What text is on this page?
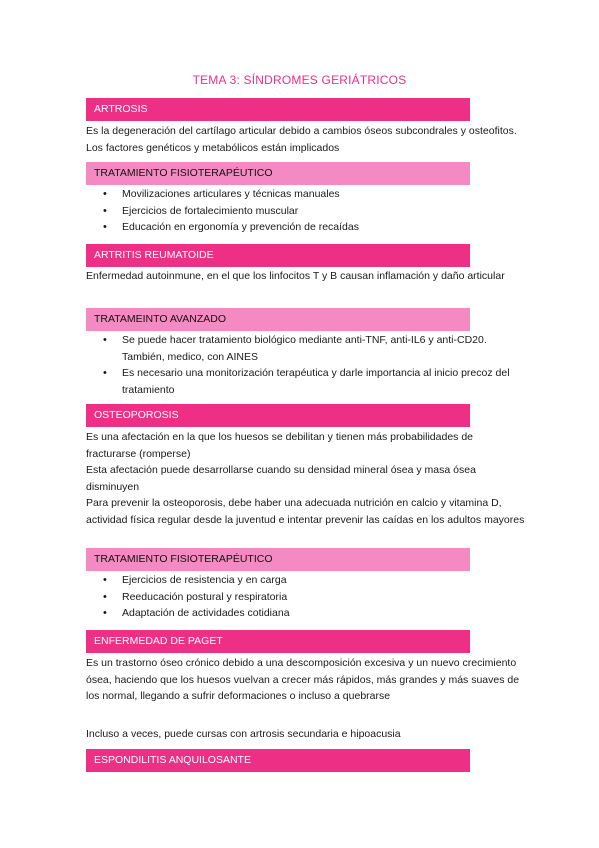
TEMA 3: SÍNDROMES GERIÁTRICOS
ARTROSIS

Es la degeneración del cartílago articular debido a cambios óseos subcondrales y osteofitos. Los factores genéticos y metabólicos están implicados

TRATAMIENTO FISIOTERAPÉUTICO
• Movilizaciones articulares y técnicas manuales
• Ejercicios de fortalecimiento muscular
• Educación en ergonomía y prevención de recaídas
ARTRITIS REUMATOIDE

Enfermedad autoinmune, en el que los linfocitos T y B causan inflamación y daño articular

TRATAMEINTO AVANZADO
• Se puede hacer tratamiento biológico mediante anti-TNF, anti-IL6 y anti-CD20. También, medico, con AINES
• Es necesario una monitorización terapéutica y darle importancia al inicio precoz del tratamiento
OSTEOPOROSIS

Es una afectación en la que los huesos se debilitan y tienen más probabilidades de fracturarse (romperse)

Esta afectación puede desarrollarse cuando su densidad mineral ósea y masa ósea disminuyen

Para prevenir la osteoporosis, debe haber una adecuada nutrición en calcio y vitamina D, actividad física regular desde la juventud e intentar prevenir las caídas en los adultos mayores

TRATAMIENTO FISIOTERAPÉUTICO
• Ejercicios de resistencia y en carga
• Reeducación postural y respiratoria
• Adaptación de actividades cotidiana
ENFERMEDAD DE PAGET

Es un trastorno óseo crónico debido a una descomposición excesiva y un nuevo crecimiento ósea, haciendo que los huesos vuelvan a crecer más rápidos, más grandes y más suaves de los normal, llegando a sufrir deformaciones o incluso a quebrarse

Incluso a veces, puede cursas con artrosis secundaria e hipoacusia

ESPONDILITIS ANQUILOSANTE
